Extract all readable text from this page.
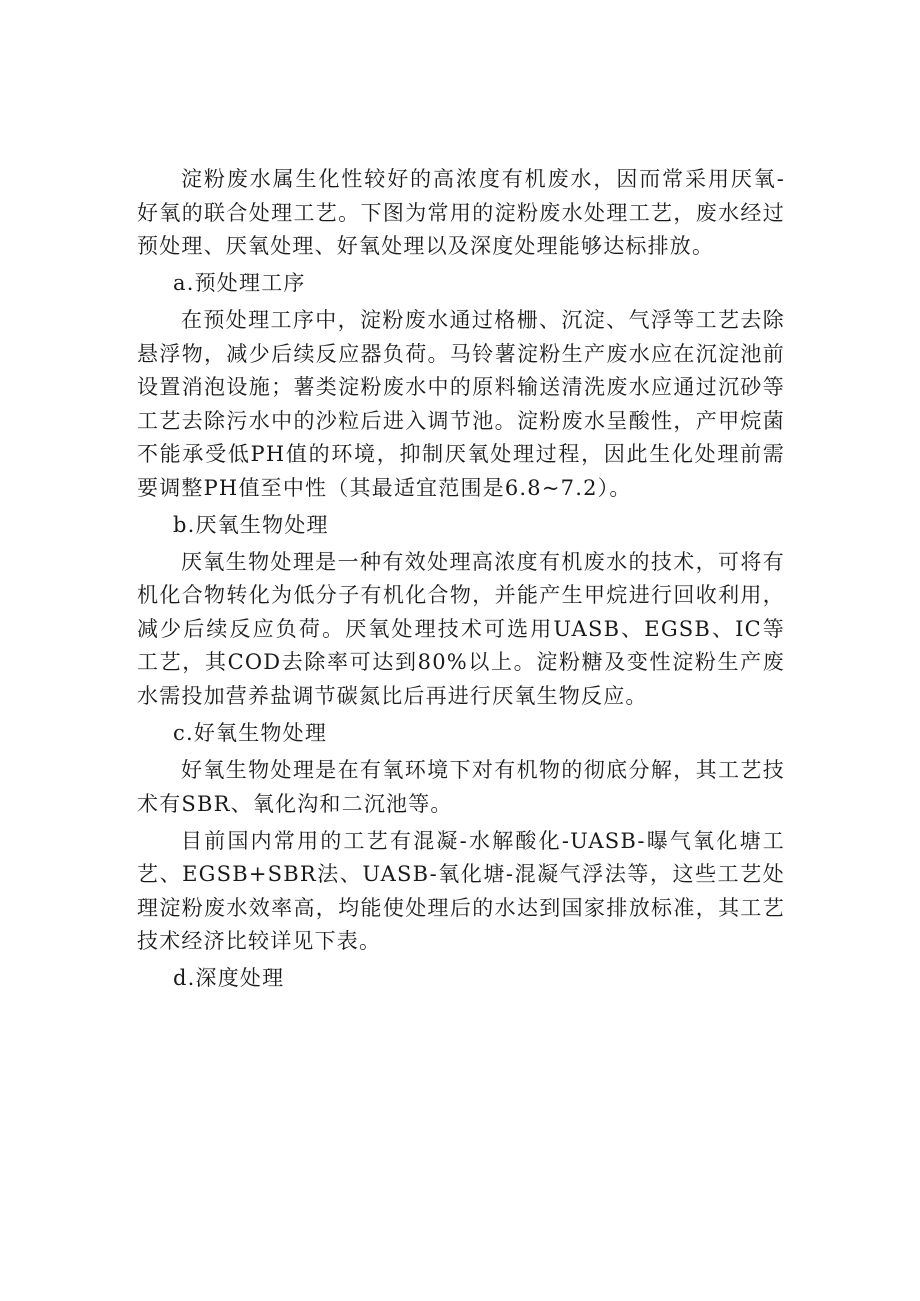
淀粉废水属生化性较好的高浓度有机废水，因而常采用厌氧-好氧的联合处理工艺。下图为常用的淀粉废水处理工艺，废水经过预处理、厌氧处理、好氧处理以及深度处理能够达标排放。

a.预处理工序

在预处理工序中，淀粉废水通过格栅、沉淀、气浮等工艺去除悬浮物，减少后续反应器负荷。马铃薯淀粉生产废水应在沉淀池前设置消泡设施；薯类淀粉废水中的原料输送清洗废水应通过沉砂等工艺去除污水中的沙粒后进入调节池。淀粉废水呈酸性，产甲烷菌不能承受低PH值的环境，抑制厌氧处理过程，因此生化处理前需要调整PH值至中性（其最适宜范围是6.8~7.2）。

b.厌氧生物处理

厌氧生物处理是一种有效处理高浓度有机废水的技术，可将有机化合物转化为低分子有机化合物，并能产生甲烷进行回收利用，减少后续反应负荷。厌氧处理技术可选用UASB、EGSB、IC等工艺，其COD去除率可达到80%以上。淀粉糖及变性淀粉生产废水需投加营养盐调节碳氮比后再进行厌氧生物反应。

c.好氧生物处理

好氧生物处理是在有氧环境下对有机物的彻底分解，其工艺技术有SBR、氧化沟和二沉池等。

目前国内常用的工艺有混凝-水解酸化-UASB-曝气氧化塘工艺、EGSB+SBR法、UASB-氧化塘-混凝气浮法等，这些工艺处理淀粉废水效率高，均能使处理后的水达到国家排放标准，其工艺技术经济比较详见下表。

d.深度处理
